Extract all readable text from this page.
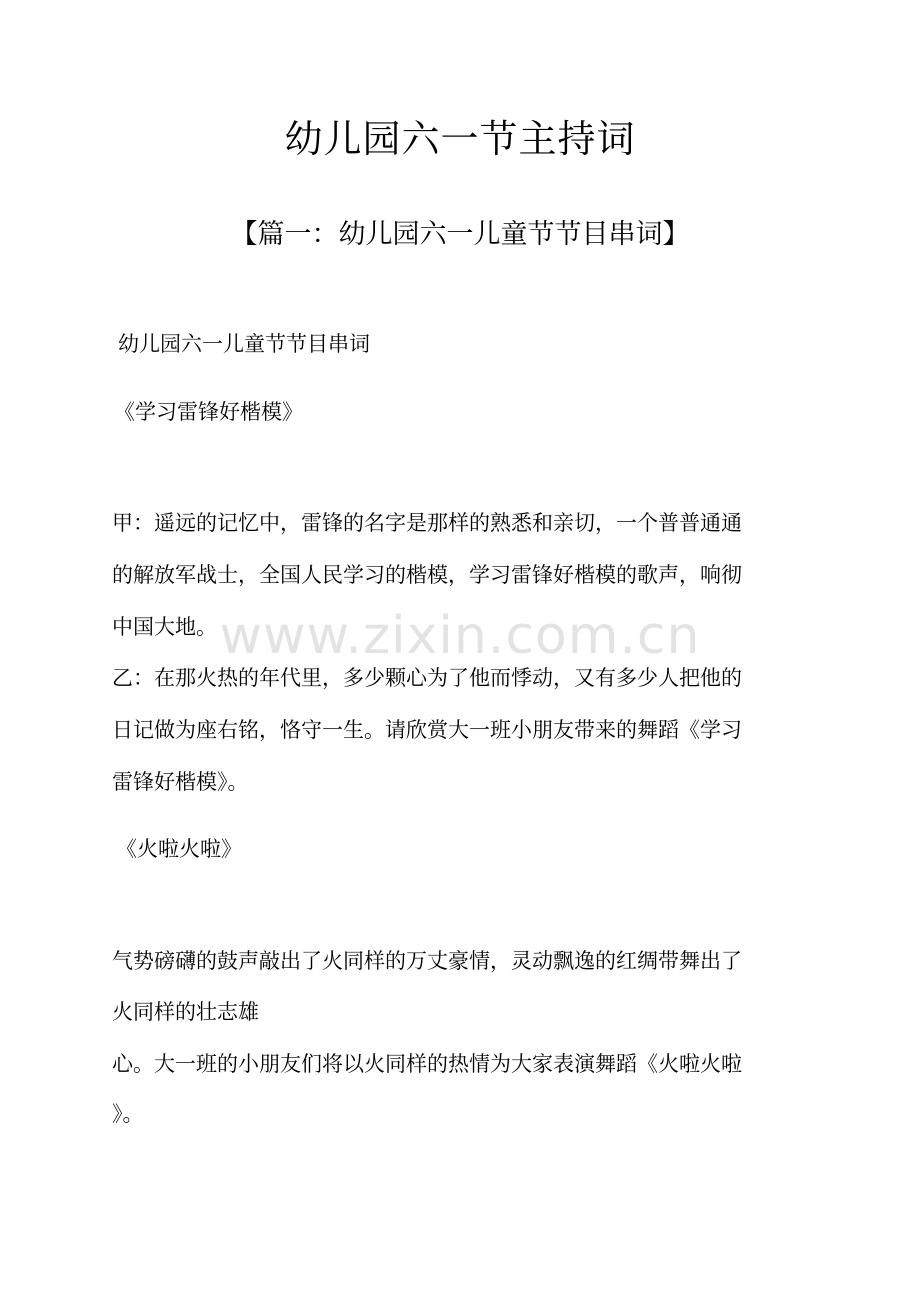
幼儿园六一节主持词
【篇一：幼儿园六一儿童节节目串词】
幼儿园六一儿童节节目串词
《学习雷锋好楷模》
甲：遥远的记忆中，雷锋的名字是那样的熟悉和亲切，一个普普通通
的解放军战士，全国人民学习的楷模，学习雷锋好楷模的歌声，响彻
中国大地。
乙：在那火热的年代里，多少颗心为了他而悸动，又有多少人把他的
日记做为座右铭，恪守一生。请欣赏大一班小朋友带来的舞蹈《学习
雷锋好楷模》。
《火啦火啦》
气势磅礴的鼓声敲出了火同样的万丈豪情，灵动飘逸的红绸带舞出了
火同样的壮志雄
心。大一班的小朋友们将以火同样的热情为大家表演舞蹈《火啦火啦
》。
www.zixin.com.cn
